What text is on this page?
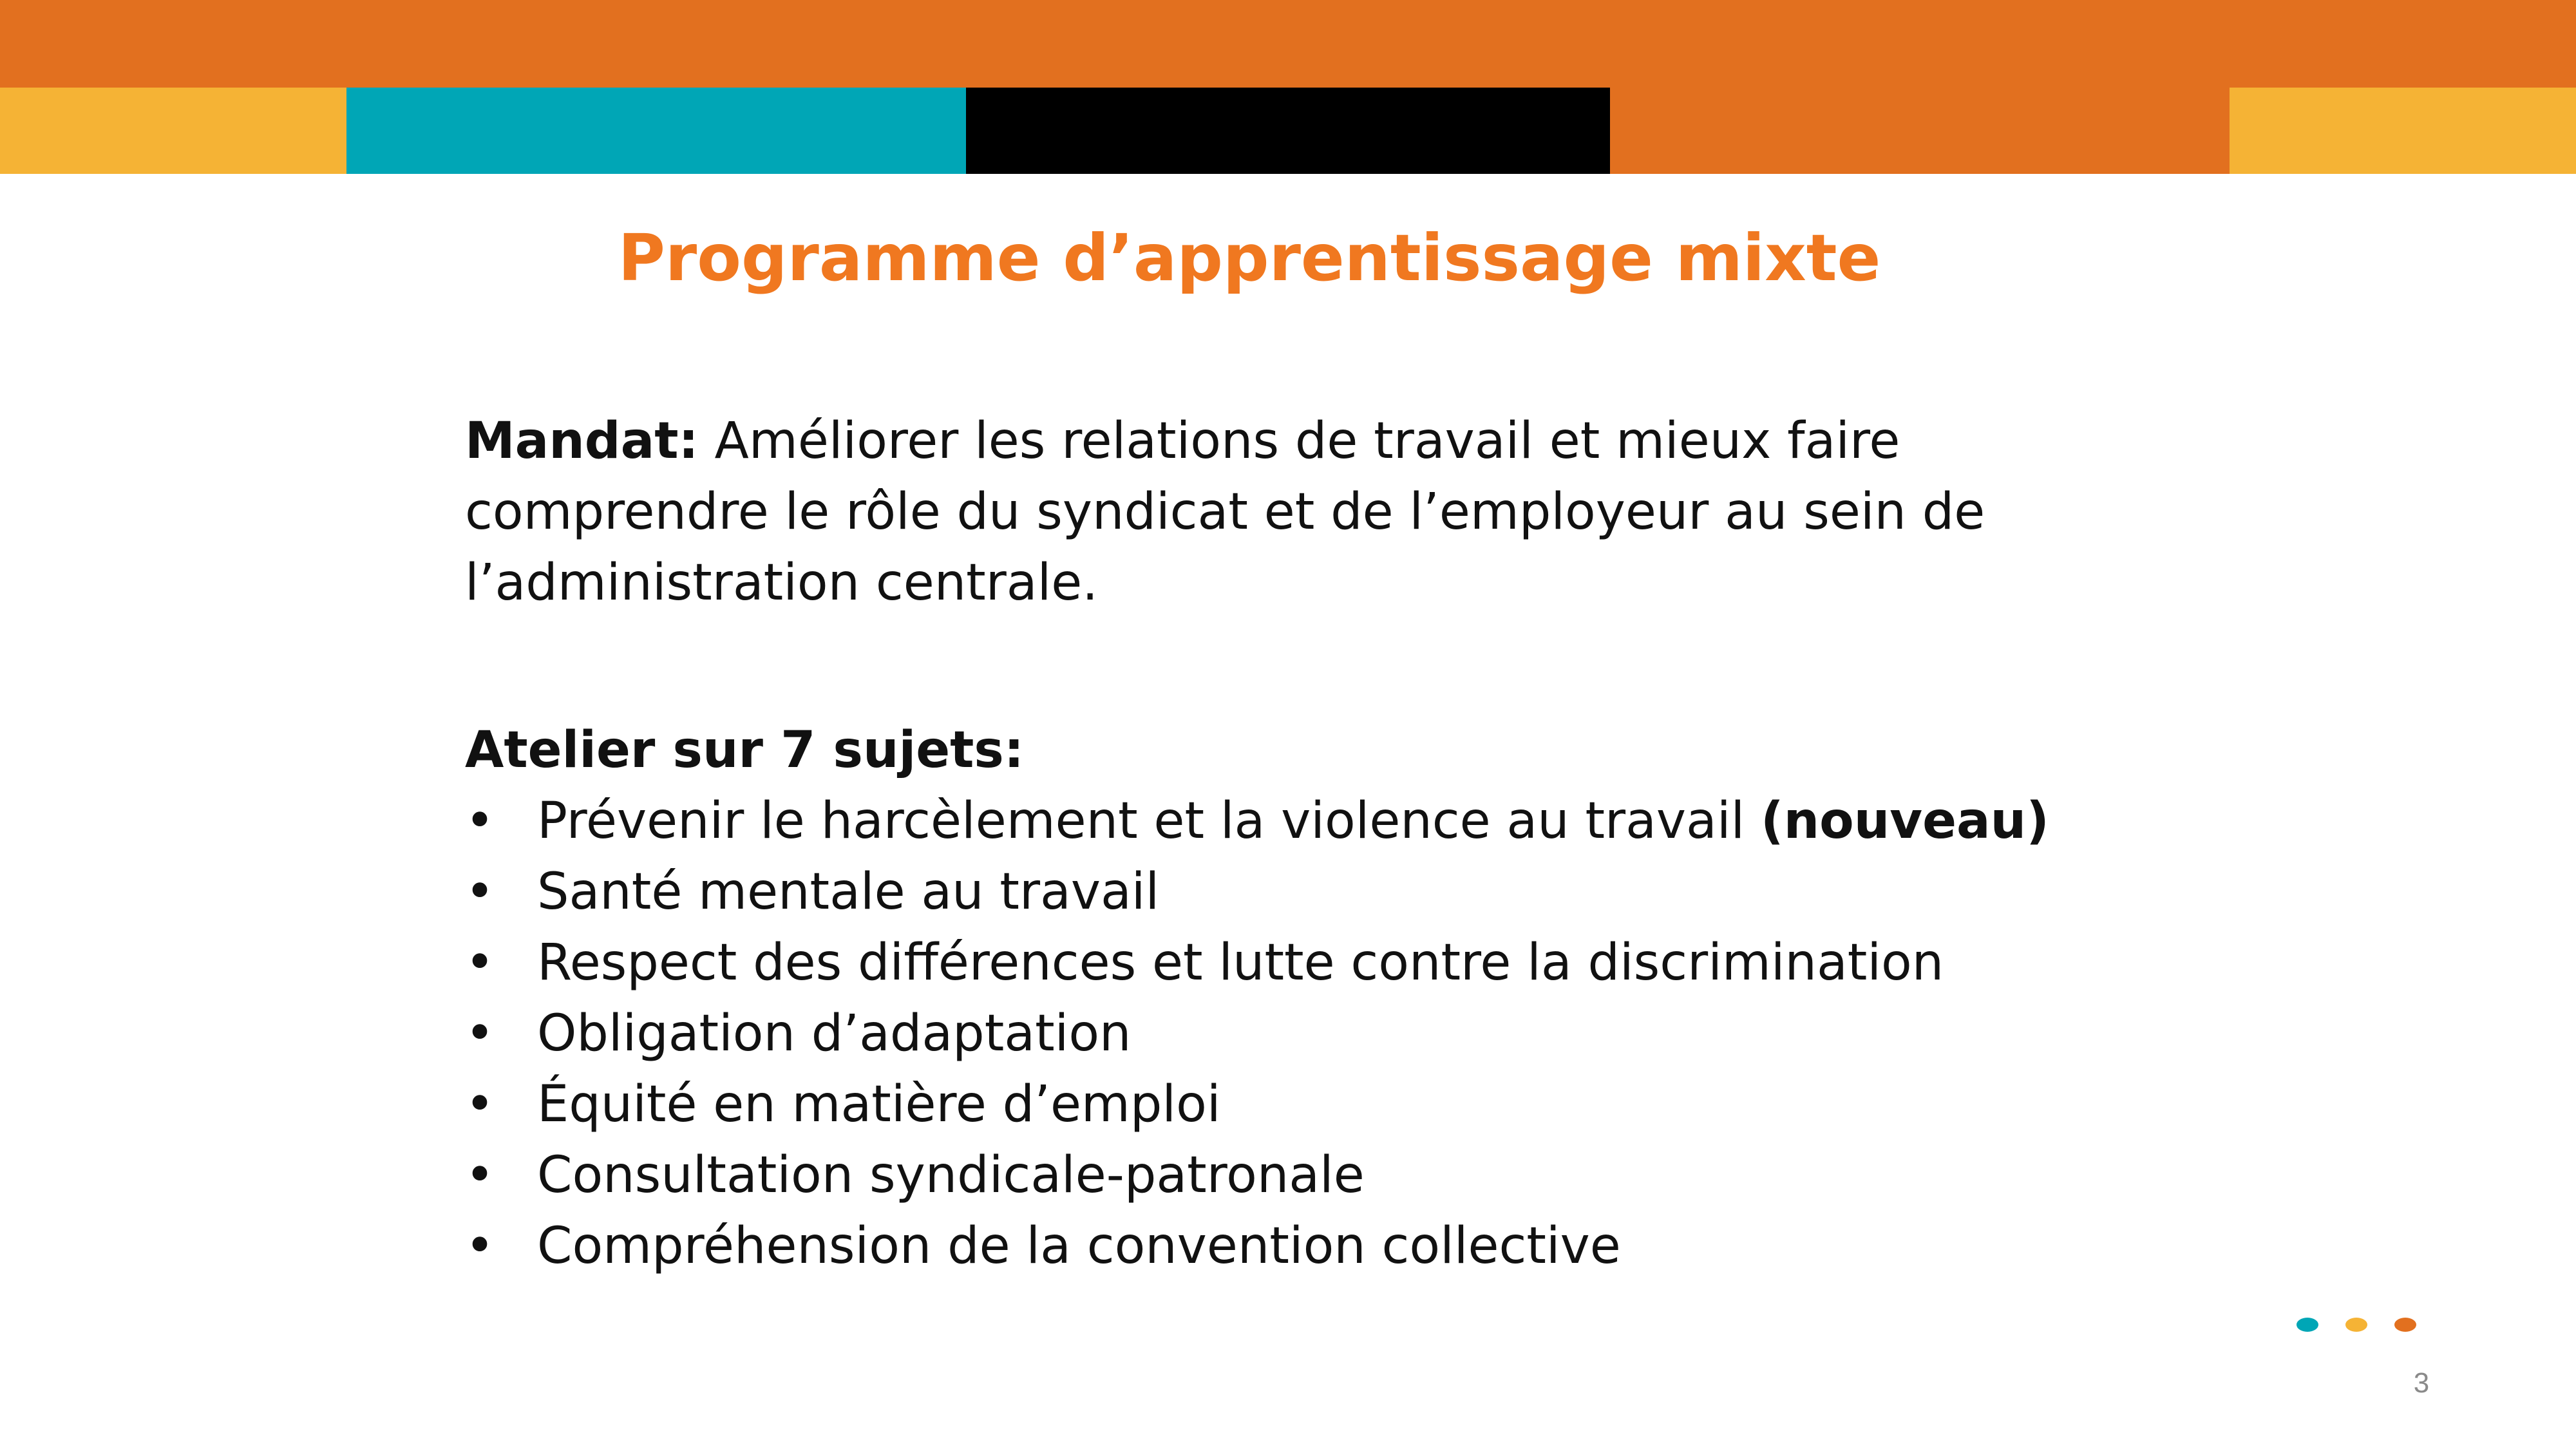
Programme d’apprentissage mixte

Mandat: Améliorer les relations de travail et mieux faire comprendre le rôle du syndicat et de l’employeur au sein de l’administration centrale.

Atelier sur 7 sujets:

• Prévenir le harcèlement et la violence au travail (nouveau)
• Santé mentale au travail
• Respect des différences et lutte contre la discrimination
• Obligation d’adaptation
• Équité en matière d’emploi
• Consultation syndicale-patronale
• Compréhension de la convention collective
3
